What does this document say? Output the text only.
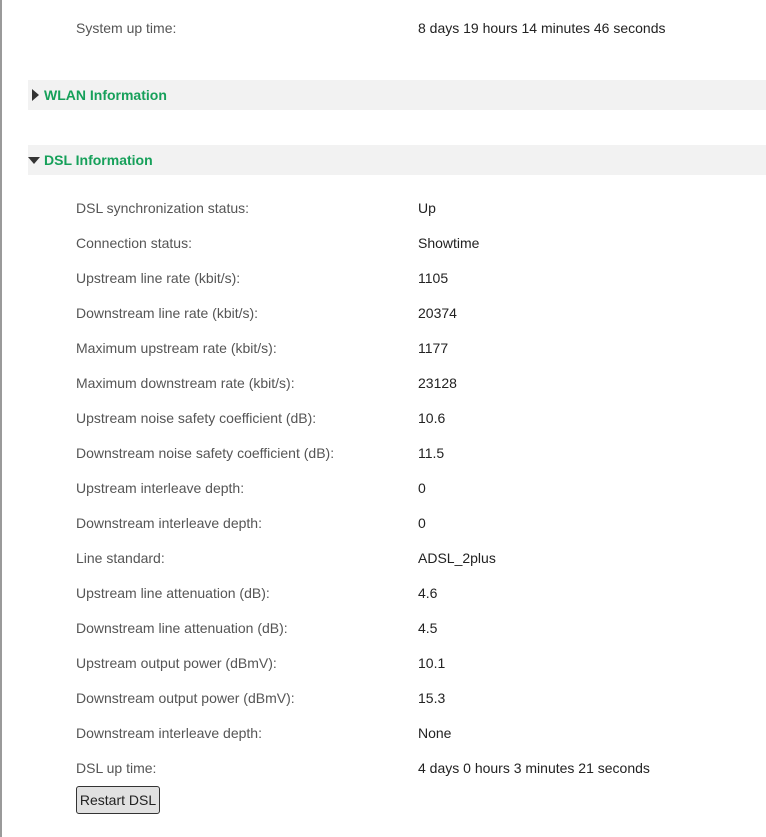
System up time:	8 days 19 hours 14 minutes 46 seconds
WLAN Information
DSL Information
DSL synchronization status:	Up
Connection status:	Showtime
Upstream line rate (kbit/s):	1105
Downstream line rate (kbit/s):	20374
Maximum upstream rate (kbit/s):	1177
Maximum downstream rate (kbit/s):	23128
Upstream noise safety coefficient (dB):	10.6
Downstream noise safety coefficient (dB):	11.5
Upstream interleave depth:	0
Downstream interleave depth:	0
Line standard:	ADSL_2plus
Upstream line attenuation (dB):	4.6
Downstream line attenuation (dB):	4.5
Upstream output power (dBmV):	10.1
Downstream output power (dBmV):	15.3
Downstream interleave depth:	None
DSL up time:	4 days 0 hours 3 minutes 21 seconds
Restart DSL
